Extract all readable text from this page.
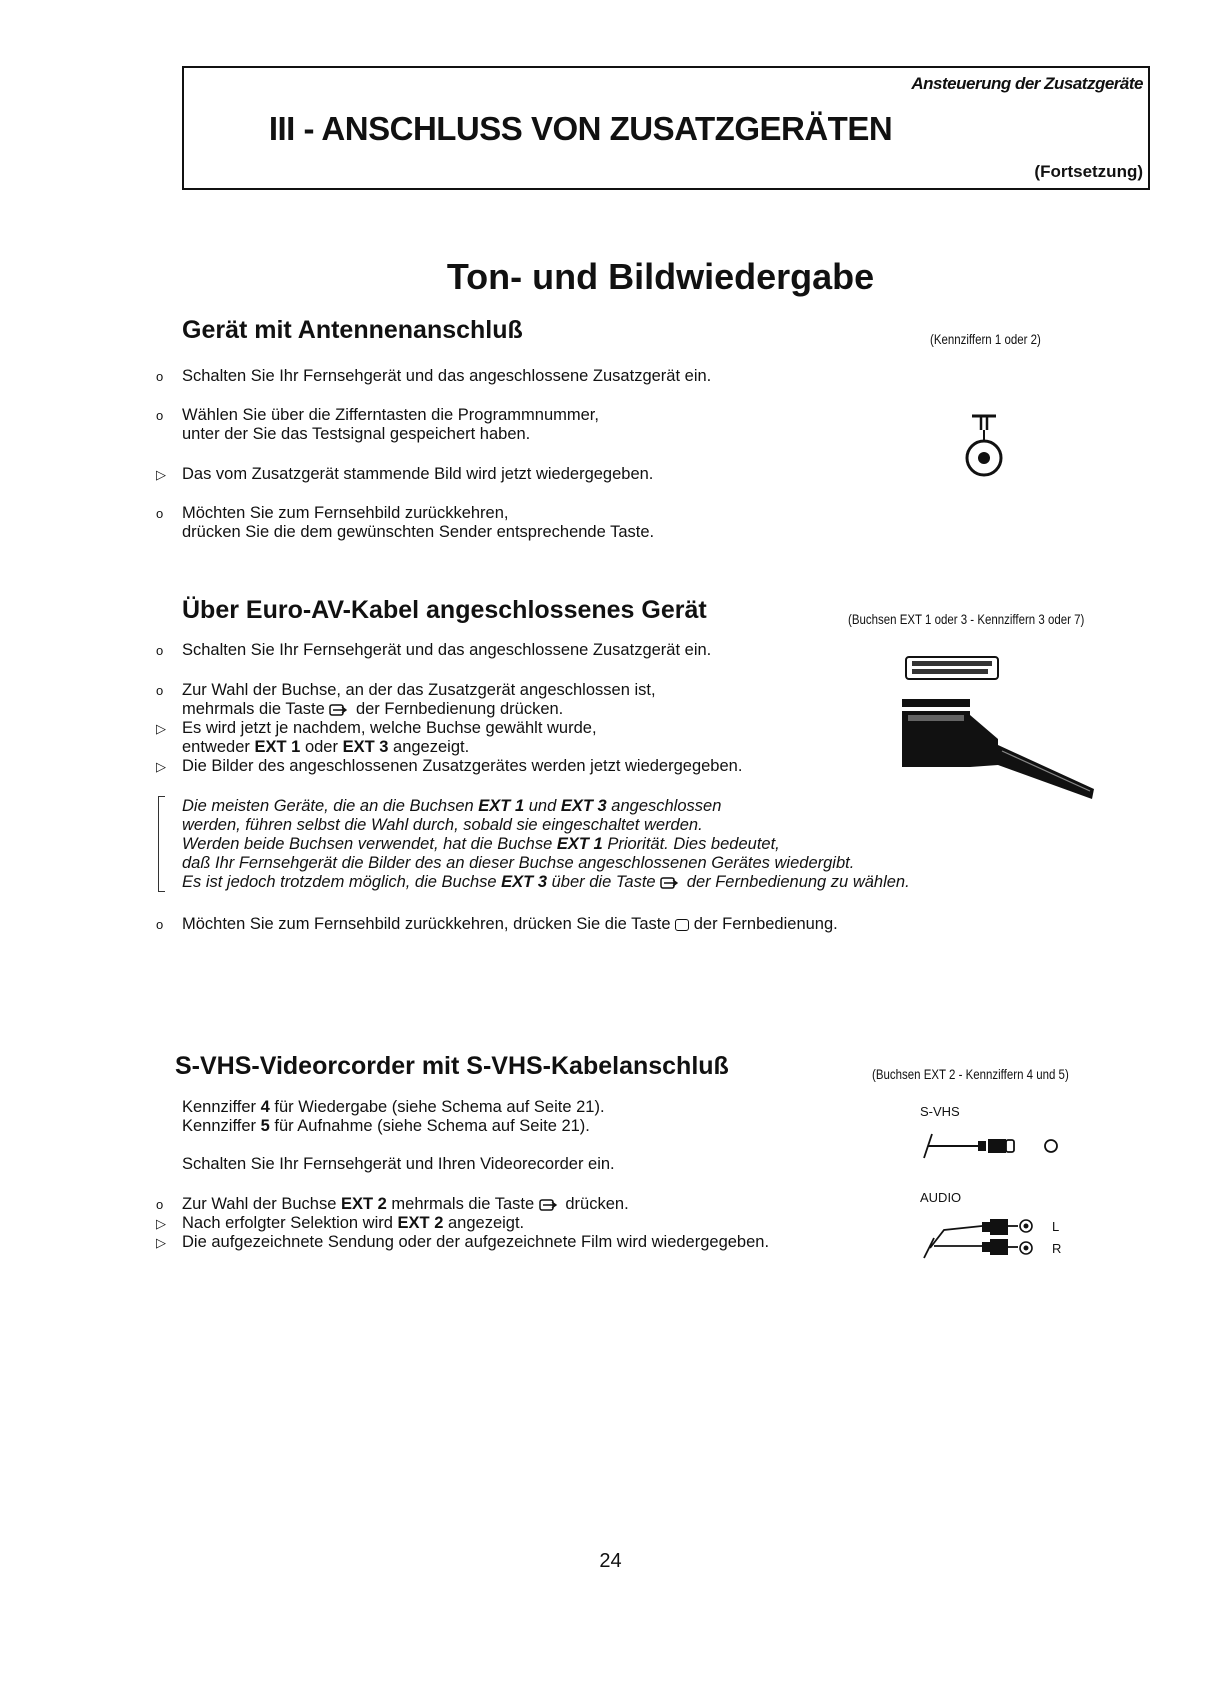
Ansteuerung der Zusatzgeräte
III - ANSCHLUSS VON ZUSATZGERÄTEN
(Fortsetzung)
Ton- und Bildwiedergabe
Gerät mit Antennenanschluß	(Kennziffern 1 oder 2)
o Schalten Sie Ihr Fernsehgerät und das angeschlossene Zusatzgerät ein.
o Wählen Sie über die Zifferntasten die Programmnummer,
unter der Sie das Testsignal gespeichert haben.
▷ Das vom Zusatzgerät stammende Bild wird jetzt wiedergegeben.
o Möchten Sie zum Fernsehbild zurückkehren,
drücken Sie die dem gewünschten Sender entsprechende Taste.
Über Euro-AV-Kabel angeschlossenes Gerät	(Buchsen EXT 1 oder 3 - Kennziffern 3 oder 7)
o Schalten Sie Ihr Fernsehgerät und das angeschlossene Zusatzgerät ein.
o Zur Wahl der Buchse, an der das Zusatzgerät angeschlossen ist,
mehrmals die Taste der Fernbedienung drücken.
▷ Es wird jetzt je nachdem, welche Buchse gewählt wurde,
entweder EXT 1 oder EXT 3 angezeigt.
▷ Die Bilder des angeschlossenen Zusatzgerätes werden jetzt wiedergegeben.
Die meisten Geräte, die an die Buchsen EXT 1 und EXT 3 angeschlossen
werden, führen selbst die Wahl durch, sobald sie eingeschaltet werden.
Werden beide Buchsen verwendet, hat die Buchse EXT 1 Priorität. Dies bedeutet,
daß Ihr Fernsehgerät die Bilder des an dieser Buchse angeschlossenen Gerätes wiedergibt.
Es ist jedoch trotzdem möglich, die Buchse EXT 3 über die Taste der Fernbedienung zu wählen.
o Möchten Sie zum Fernsehbild zurückkehren, drücken Sie die Taste der Fernbedienung.
S-VHS-Videorcorder mit S-VHS-Kabelanschluß	(Buchsen EXT 2 - Kennziffern 4 und 5)
Kennziffer 4 für Wiedergabe (siehe Schema auf Seite 21).
Kennziffer 5 für Aufnahme (siehe Schema auf Seite 21).
Schalten Sie Ihr Fernsehgerät und Ihren Videorecorder ein.
o Zur Wahl der Buchse EXT 2 mehrmals die Taste drücken.
▷ Nach erfolgter Selektion wird EXT 2 angezeigt.
▷ Die aufgezeichnete Sendung oder der aufgezeichnete Film wird wiedergegeben.
S-VHS
AUDIO
L
R
24
